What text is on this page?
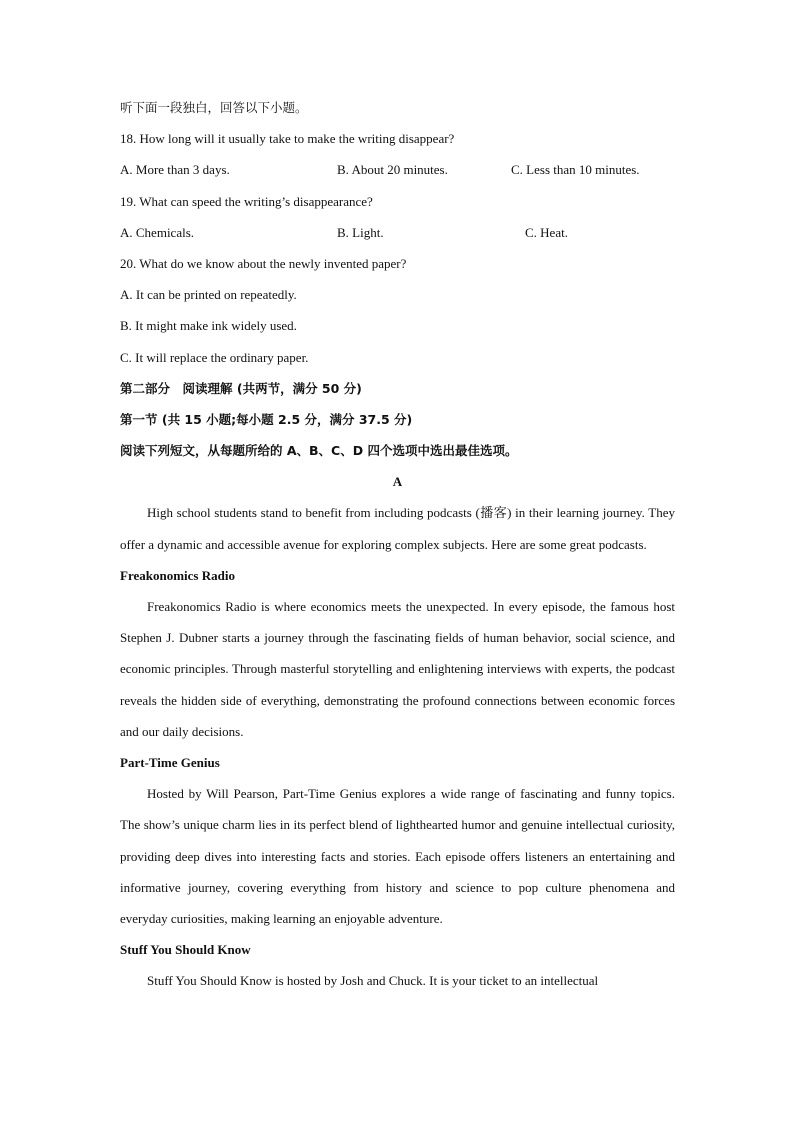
听下面一段独白，回答以下小题。
18. How long will it usually take to make the writing disappear?
A. More than 3 days.	B. About 20 minutes.	C. Less than 10 minutes.
19. What can speed the writing’s disappearance?
A. Chemicals.	B. Light.	C. Heat.
20. What do we know about the newly invented paper?
A. It can be printed on repeatedly.
B. It might make ink widely used.
C. It will replace the ordinary paper.
第二部分　阅读理解 (共两节，满分 50 分)
第一节 (共 15 小题;每小题 2.5 分，满分 37.5 分)
阅读下列短文，从每题所给的 A、B、C、D 四个选项中选出最佳选项。
A
High school students stand to benefit from including podcasts (播客) in their learning journey. They offer a dynamic and accessible avenue for exploring complex subjects. Here are some great podcasts.
Freakonomics Radio
Freakonomics Radio is where economics meets the unexpected. In every episode, the famous host Stephen J. Dubner starts a journey through the fascinating fields of human behavior, social science, and economic principles. Through masterful storytelling and enlightening interviews with experts, the podcast reveals the hidden side of everything, demonstrating the profound connections between economic forces and our daily decisions.
Part-Time Genius
Hosted by Will Pearson, Part-Time Genius explores a wide range of fascinating and funny topics. The show’s unique charm lies in its perfect blend of lighthearted humor and genuine intellectual curiosity, providing deep dives into interesting facts and stories. Each episode offers listeners an entertaining and informative journey, covering everything from history and science to pop culture phenomena and everyday curiosities, making learning an enjoyable adventure.
Stuff You Should Know
Stuff You Should Know is hosted by Josh and Chuck. It is your ticket to an intellectual
